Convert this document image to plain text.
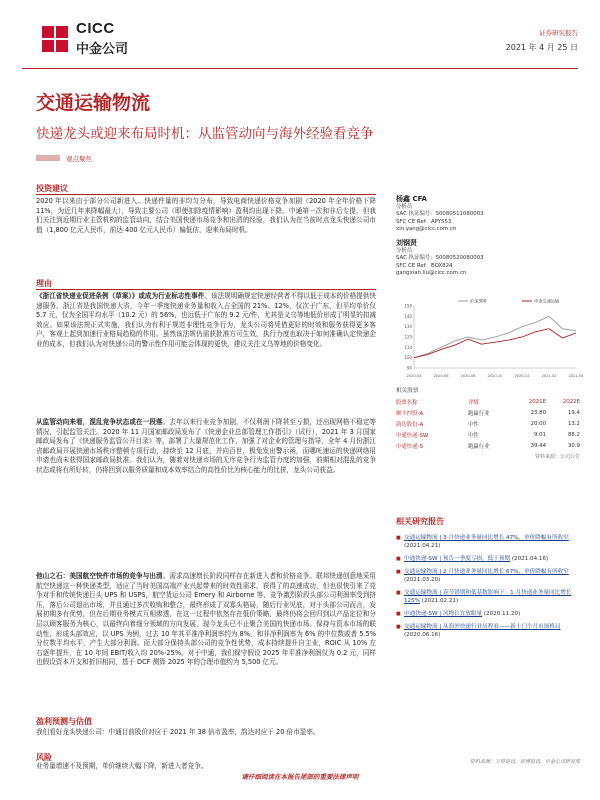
CICC
中金公司
证券研究报告
2021 年 4 月 25 日
交通运输物流
快递龙头或迎来布局时机：从监管动向与海外经验看竞争
观点聚焦
投资建议
2020 年以来由于部分公司新进入、快递件量的非均匀分布，导致电商快递价格竞争加剧（2020 年全年价格下降 11%，为近几年来降幅最大），导致主要公司（即使扣除疫情影响）盈利均出现下降。中通第一次和非后专提，但我们关注到近期行业主管机构的监管动向，结合美国快递市场竞争和出清的经验，我们认为在当前时点龙头快递公司市值（1,800 亿元人民币，前达 400 亿元人民币）偏低估，迎来布局时机。
理由
《浙江省快递业促进条例（草案）》或成为行业标志性事件。该法规明确规定快递经营者不得以低于成本的价格提供快递服务，浙江省是我国快递大省，今年一季度快递业务量和收入占全国的 21%、12%，仅次于广东，但平均单价仅 5.7 元，仅为全国平均水平（10.2 元）的 56%，也远低于广东的 9.2 元/件，尤其是义乌等地低价形成了明显的扣减效应。如果该法规正式实施，我们认为有利于规范非理性竞争行为，龙头公司将凭借更好的时效和服务获得更多客户，客观上起到加速行业格局趋稳的作用。虽然该法规仍需获批准方可生效，执行力度也取决于如何准确认定快递企业的成本，但我们认为对快递公司的警示性作用可能会体现的更快，建议关注义乌等地的价格变化。
从监管动向来看，混乱竞争状态或在一段落。去年以来行业竞争加剧，不仅利润下降甚至亏损，还出现网格不稳定等情况，引起监管关注。2020 年 11 月国家邮政局发布了《快递企业总部管理工作指引》（试行），2021 年 3 月国家邮政局发布了《快递服务监管公开目录》等，部署了大量规范化工作，加强了对企业的管理与指导，全年 4 月份浙江省邮政局开展快递市场秩序整顿专项行动，持续至 12 月底，并向百世、极兔发出警示函，而哪吒速运的快递网络用申请也尚未获得国家邮政局批准。我们认为，随着对快递市场的无序竞争行为监管力度的加强，前期相对混乱的竞争状态或将有所好转，仍将回到以服务质量和成本效率结合的高性价比为核心能力的比拼，龙头公司获益。
他山之石：美国航空快件市场的竞争与出清。需求高速增长阶段同样存在新进入者和价格竞争。联邦快递创意地采用航空快递这一种快递类型，适应了当时美国高端产业兴起带来的时效性需求，获得了的高速成功，但也很快引来了竞争对手和传统快递巨头 UPS 和 USPS，航空货运公司 Emery 和 Airborne 等，竞争激烈阶段头部公司利润率受到挤压，落后公司退出市场，并且通过多次收购和整合，最终形成了双寡头格局，随后行业见底，对于头部公司而言，发展初期多有优势，但在后期业务模式互相渗透，在这一过程中依然存在低价策略，最终仍将会回归到以产品定位和分层以顾客服务为核心，以最终向着细分领域的方向发展，现今龙头已不止聚合美国的快递市场。保持与资本市场的联动性，形成头部效应，以 UPS 为例，过去 10 年其平准净利润率约为 8%，和非净利润率为 6% 的中位数或者 5.5% 分位数平均水平，产生大部分利润。而大部分保持头部公司的竞争性优势，成本持续提升自主业，ROIC 从 10% 左右逐年提升，在 10 年间 EBIT/收入均 20%-25%。对于中通，我们保守假设 2025 年平准净利润仅为 0.2 元，同样也假设资本开支和折旧相同，基于 DCF 测算 2025 年的合理市值约为 5,500 亿元。
盈利预测与估值
我们看好龙头快递公司：中通目前股价对应于 2021 年 38 倍市盈率，韵达对应于 20 倍市盈率。
风险
业务量增速不及预期，单价继续大幅下降，新进入者竞争。
杨鑫 CFA
分析员
SAC 执证编号：S0080511080003
SFC CE Ref：APY553
xin.yang@cicc.com.cn
刘钢贤
分析员
SAC 执证编号：S0080520080003
SFC CE Ref：BOX824
gangxian.liu@cicc.com.cn
90
100
110
120
130
140
150
2020-04	2020-06	2020-08	2020-10	2020-12	2021-02	2021-04
沪深300	申金交通运输
相关股票
股票名称	评级	2021E	2022E
顺丰控股-A	跑赢行业	23.80	19.4
韵达股份-A	中性	20.00	13.2
中通快递-SW	中性	9.01	88.2
中通快递-S	跑赢行业	39.44	30.9
资料来源：公司公告
相关研究报告
■ 交通运输物流 | 3 月快递业务量同比增长 47%，单价降幅有所收窄 (2021.04.21)
■ 中通快递-SW | 预告一季度亏损，低于预期 (2021.04.16)
■ 交通运输物流 | 2 月快递业务量同比增长 67%，单价降幅有所收窄 (2021.03.20)
■ 交通运输物流 | 春节错期和低基数影响下：1 月快递业务量同比增长 125% (2021.02.21)
■ 中通快递-SW | 风物长宜放眼量 (2020.11.20)
■ 交通运输物流 | 从海外快递行业历程看——新十门个月市场格局 (2020.06.16)
资料来源：万得资讯，彭博资讯，中金公司研究部
请仔细阅读在本报告尾部的重要法律声明
